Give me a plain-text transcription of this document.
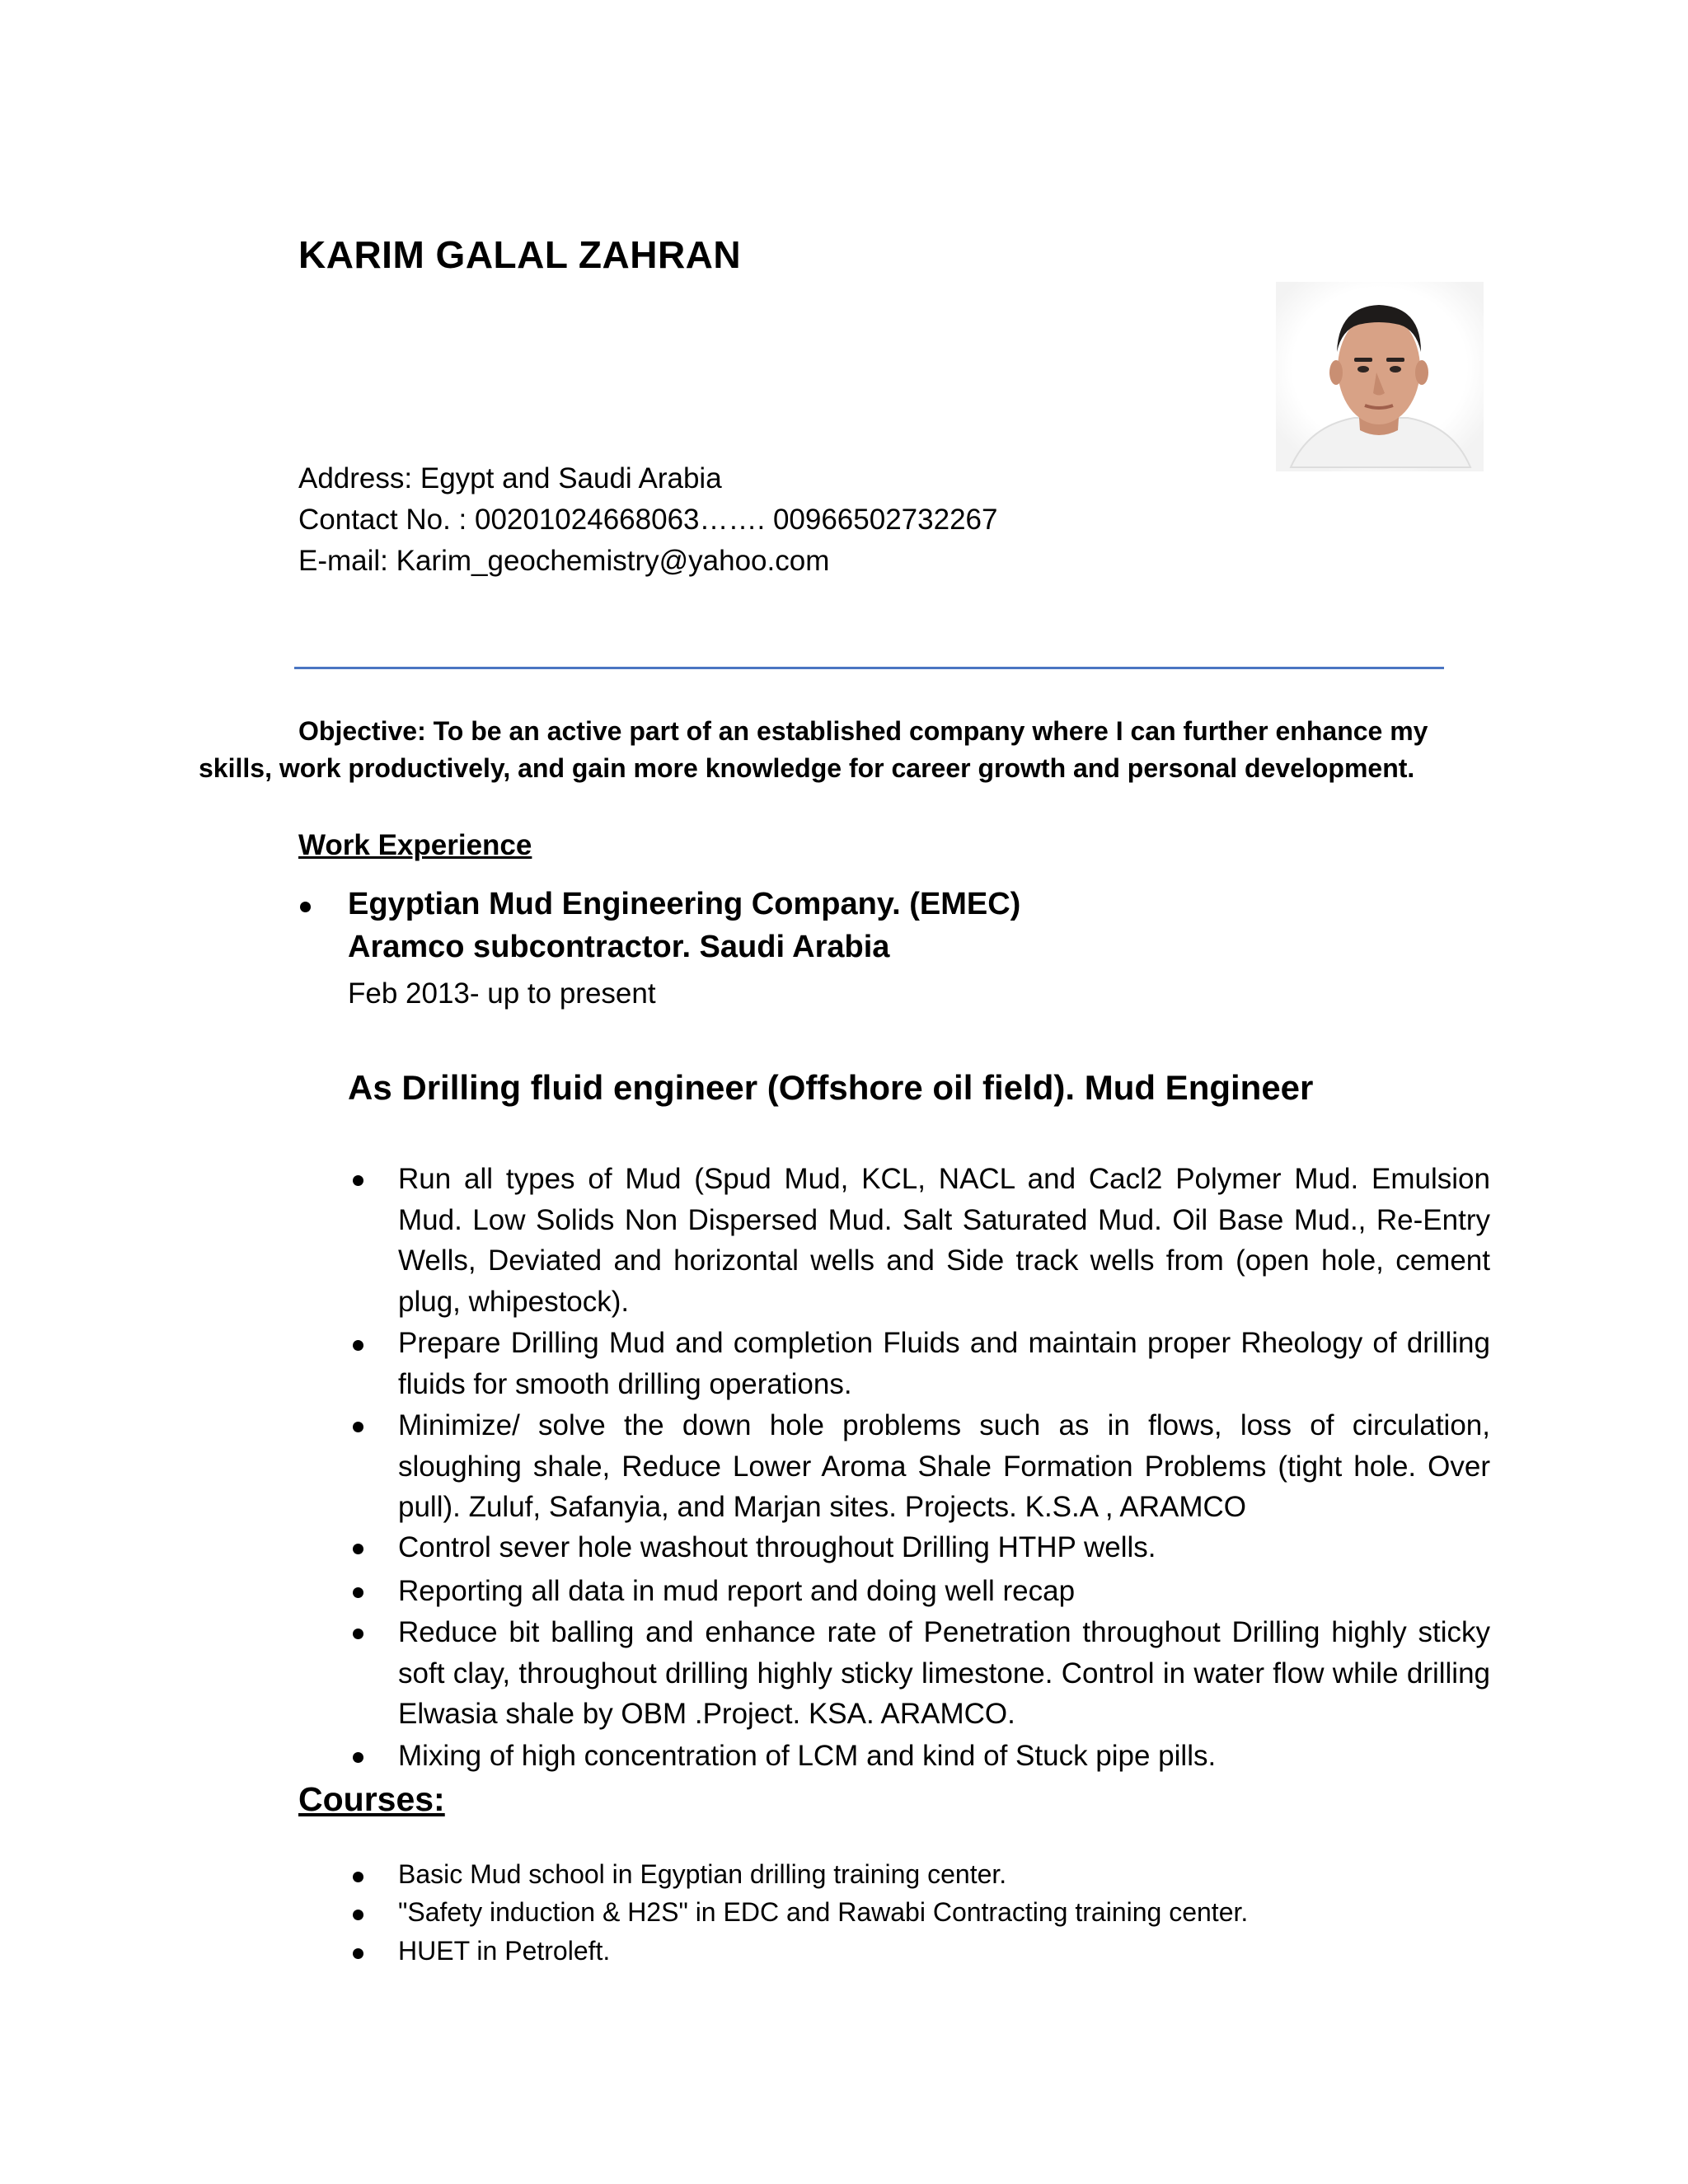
KARIM GALAL ZAHRAN
Address: Egypt and Saudi Arabia
Contact No. : 00201024668063……. 00966502732267
E-mail: Karim_geochemistry@yahoo.com
Objective: To be an active part of an established company where I can further enhance my
skills, work productively, and gain more knowledge for career growth and personal development.
Work Experience
Egyptian Mud Engineering Company. (EMEC)
Aramco subcontractor. Saudi Arabia
Feb 2013- up to present
As Drilling fluid engineer (Offshore oil field). Mud Engineer
Run all types of Mud (Spud Mud, KCL, NACL and Cacl2 Polymer Mud. Emulsion Mud. Low Solids Non Dispersed Mud. Salt Saturated Mud. Oil Base Mud., Re-Entry Wells, Deviated and horizontal wells and Side track wells from (open hole, cement plug, whipestock).
Prepare Drilling Mud and completion Fluids and maintain proper Rheology of drilling fluids for smooth drilling operations.
Minimize/ solve the down hole problems such as in flows, loss of circulation, sloughing shale, Reduce Lower Aroma Shale Formation Problems (tight hole. Over pull). Zuluf, Safanyia, and Marjan sites. Projects. K.S.A , ARAMCO
Control sever hole washout throughout Drilling HTHP wells.
Reporting all data in mud report and doing well recap
Reduce bit balling and enhance rate of Penetration throughout Drilling highly sticky soft clay, throughout drilling highly sticky limestone. Control in water flow while drilling Elwasia shale by OBM .Project. KSA. ARAMCO.
Mixing of high concentration of LCM and kind of Stuck pipe pills.
Courses:
Basic Mud school in Egyptian drilling training center.
"Safety induction & H2S" in EDC and Rawabi Contracting training center.
HUET in Petroleft.
